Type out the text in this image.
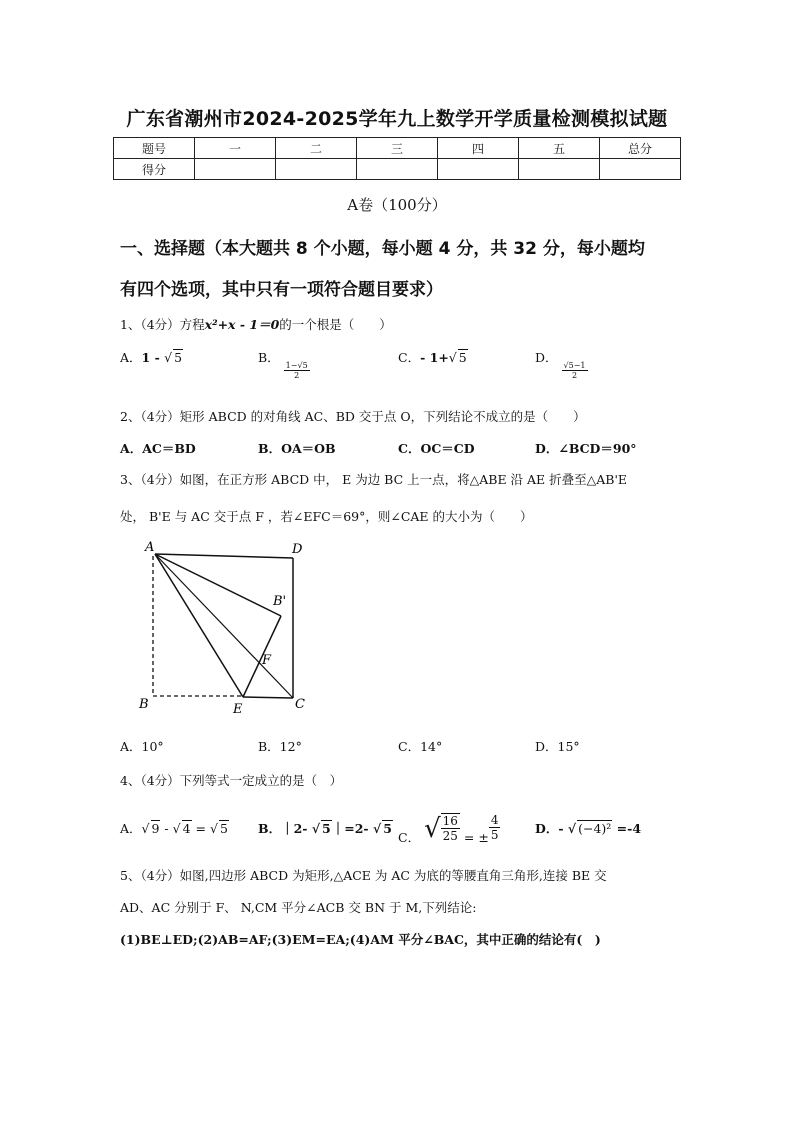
广东省潮州市2024-2025学年九上数学开学质量检测模拟试题
题号	一	二	三	四	五	总分
得分						
A卷（100分）
一、选择题（本大题共 8 个小题，每小题 4 分，共 32 分，每小题均
有四个选项，其中只有一项符合题目要求）
1、（4分）方程x²+x - 1＝0的一个根是（　　）
A．1 - √ 5	B．
$\frac{1-√5}{2}$
C．- 1+√ 5	D．
$\frac{√5-1}{2}$
2、（4分）矩形 ABCD 的对角线 AC、BD 交于点 O，下列结论不成立的是（　　）
A．AC＝BD	B．OA＝OB	C．OC＝CD	D．∠BCD＝90°
3、（4分）如图，在正方形 ABCD 中， E 为边 BC 上一点，将△ABE 沿 AE 折叠至△AB'E
处， B'E 与 AC 交于点 F ，若∠EFC＝69°，则∠CAE 的大小为（　　）
A	D
C
B	E
F
B'
A．10°	B．12°	C．14°	D．15°
4、（4分）下列等式一定成立的是（　）
A．√ 9 - √ 4 = √ 5 B．｜2- √ 5｜=2- √ 5
C． √ $\frac{16}{25}$ = ± $\frac{4}{5}$	D．- √ (−4)² =-4
5、（4分）如图,四边形 ABCD 为矩形,△ACE 为 AC 为底的等腰直角三角形,连接 BE 交
AD、AC 分别于 F、 N,CM 平分∠ACB 交 BN 于 M,下列结论:
(1)BE⊥ED;(2)AB=AF;(3)EM=EA;(4)AM 平分∠BAC，其中正确的结论有(　)
